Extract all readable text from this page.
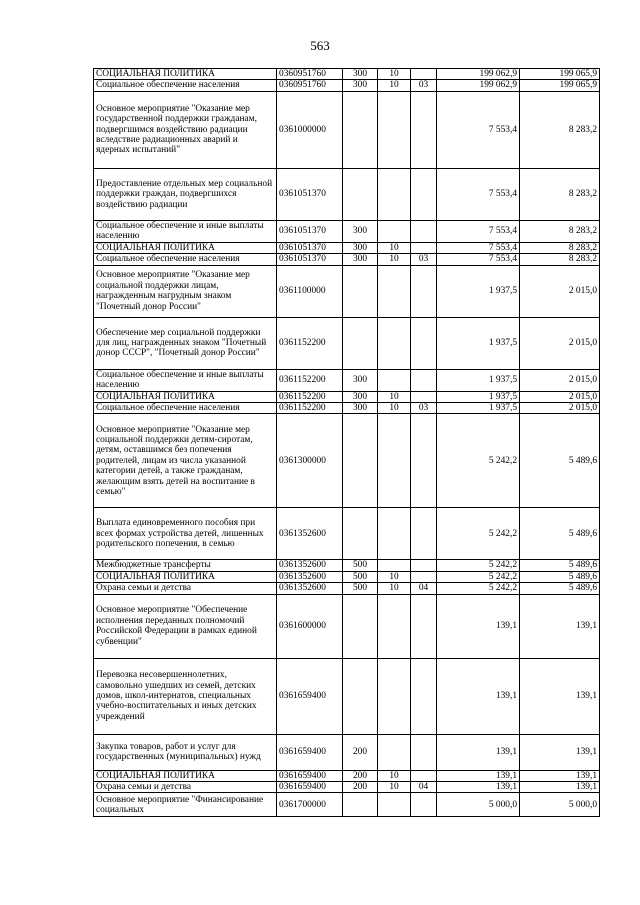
563
СОЦИАЛЬНАЯ ПОЛИТИКА	0360951760	300	10		199 062,9	199 065,9
Социальное обеспечение населения	0360951760	300	10	03	199 062,9	199 065,9
Основное мероприятие "Оказание мер государственной поддержки гражданам, подвергшимся воздействию радиации вследствие радиационных аварий и ядерных испытаний"	0361000000				7 553,4	8 283,2
Предоставление отдельных мер социальной поддержки граждан, подвергшихся воздействию радиации	0361051370				7 553,4	8 283,2
Социальное обеспечение и иные выплаты населению	0361051370	300			7 553,4	8 283,2
СОЦИАЛЬНАЯ ПОЛИТИКА	0361051370	300	10		7 553,4	8 283,2
Социальное обеспечение населения	0361051370	300	10	03	7 553,4	8 283,2
Основное мероприятие "Оказание мер социальной поддержки лицам, награжденным нагрудным знаком "Почетный донор России"	0361100000				1 937,5	2 015,0
Обеспечение мер социальной поддержки для лиц, награжденных знаком "Почетный донор СССР", "Почетный донор России"	0361152200				1 937,5	2 015,0
Социальное обеспечение и иные выплаты населению	0361152200	300			1 937,5	2 015,0
СОЦИАЛЬНАЯ ПОЛИТИКА	0361152200	300	10		1 937,5	2 015,0
Социальное обеспечение населения	0361152200	300	10	03	1 937,5	2 015,0
Основное мероприятие "Оказание мер социальной поддержки детям-сиротам, детям, оставшимся без попечения родителей, лицам из числа указанной категории детей, а также гражданам, желающим взять детей на воспитание в семью"	0361300000				5 242,2	5 489,6
Выплата единовременного пособия при всех формах устройства детей, лишенных родительского попечения, в семью	0361352600				5 242,2	5 489,6
Межбюджетные трансферты	0361352600	500			5 242,2	5 489,6
СОЦИАЛЬНАЯ ПОЛИТИКА	0361352600	500	10		5 242,2	5 489,6
Охрана семьи и детства	0361352600	500	10	04	5 242,2	5 489,6
Основное мероприятие "Обеспечение исполнения переданных полномочий Российской Федерации в рамках единой субвенции"	0361600000				139,1	139,1
Перевозка несовершеннолетних, самовольно ушедших из семей, детских домов, школ-интернатов, специальных учебно-воспитательных и иных детских учреждений	0361659400				139,1	139,1
Закупка товаров, работ и услуг для государственных (муниципальных) нужд	0361659400	200			139,1	139,1
СОЦИАЛЬНАЯ ПОЛИТИКА	0361659400	200	10		139,1	139,1
Охрана семьи и детства	0361659400	200	10	04	139,1	139,1
Основное мероприятие "Финансирование социальных	0361700000				5 000,0	5 000,0
